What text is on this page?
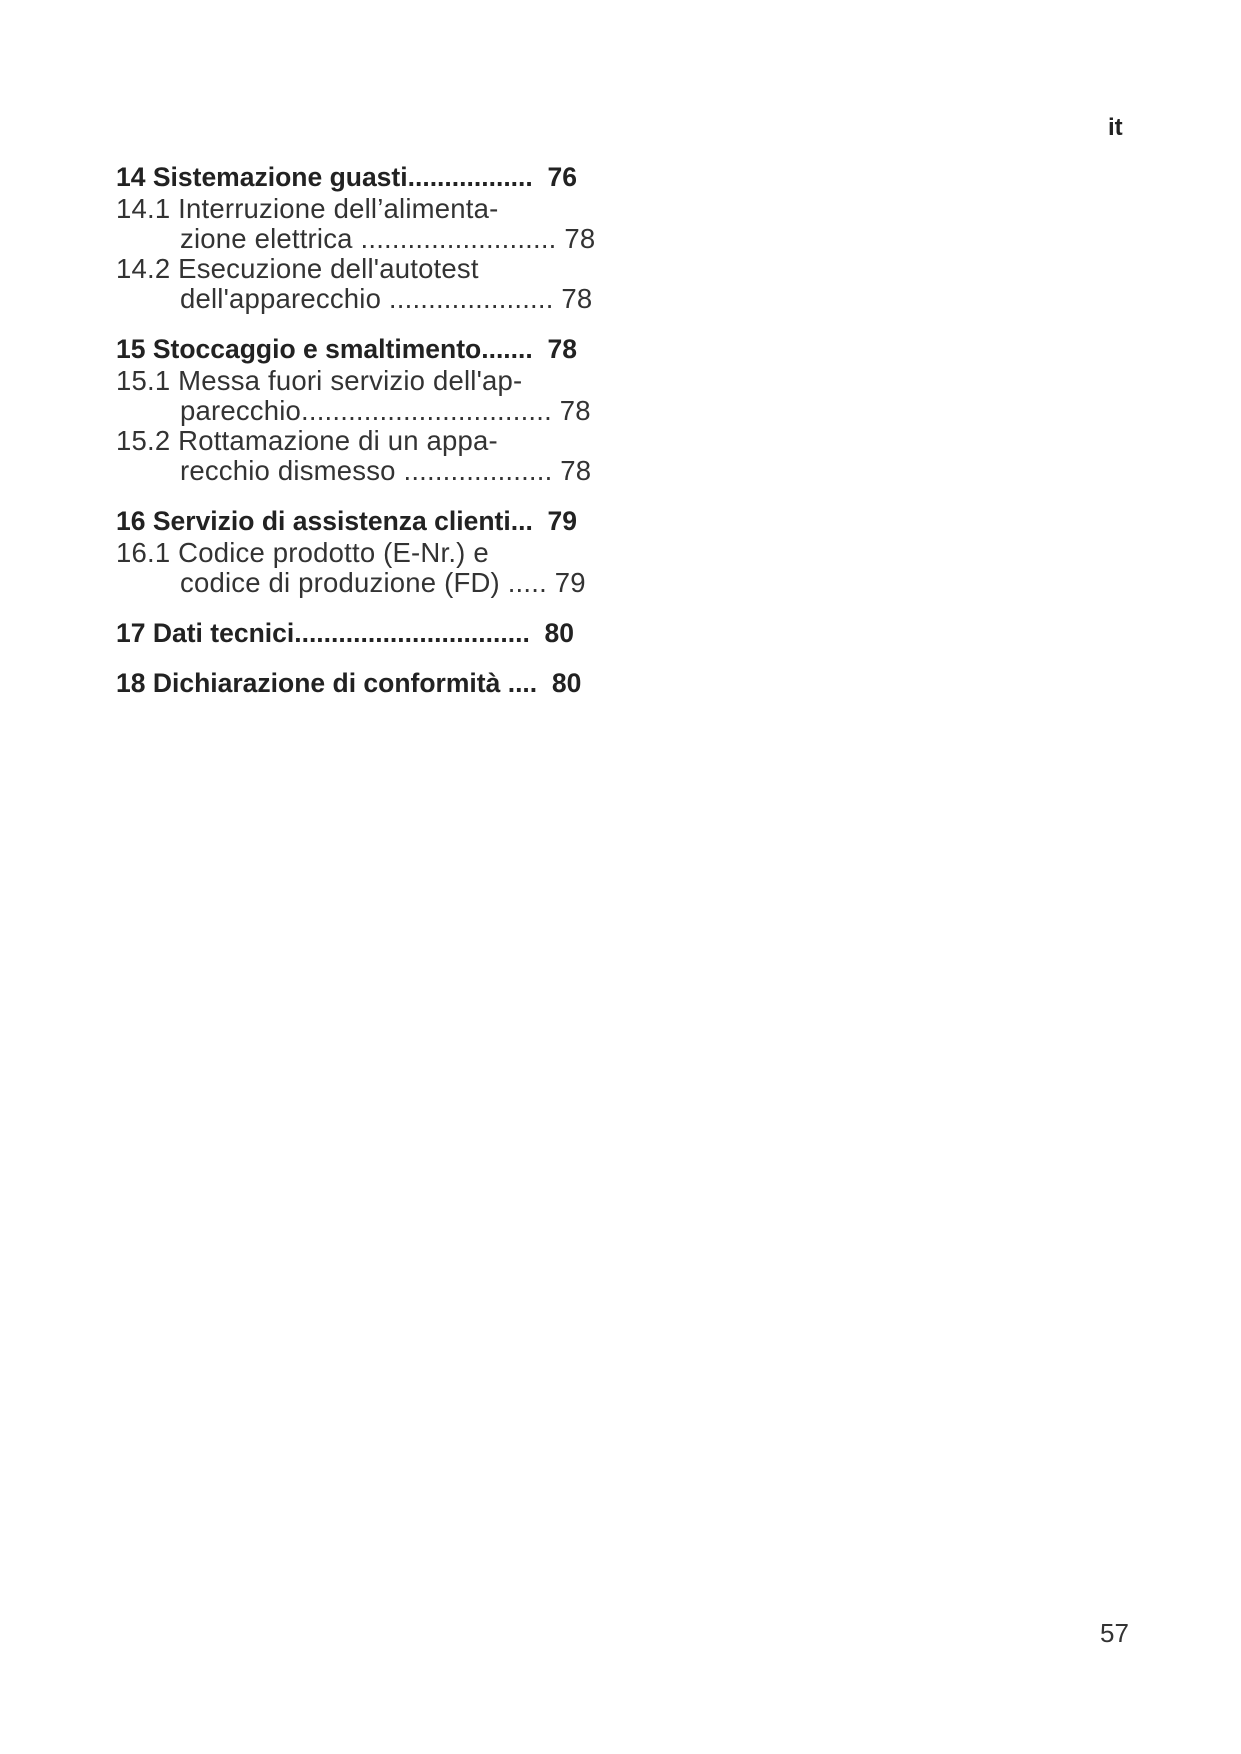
it
14 Sistemazione guasti.................  76
14.1 Interruzione dell’alimenta-
zione elettrica ......................... 78
14.2 Esecuzione dell'autotest
dell'apparecchio ..................... 78
15 Stoccaggio e smaltimento.......  78
15.1 Messa fuori servizio dell'ap-
parecchio................................ 78
15.2 Rottamazione di un appa-
recchio dismesso ................... 78
16 Servizio di assistenza clienti...  79
16.1 Codice prodotto (E-Nr.) e
codice di produzione (FD) ..... 79
17 Dati tecnici................................  80
18 Dichiarazione di conformità ....  80
57
